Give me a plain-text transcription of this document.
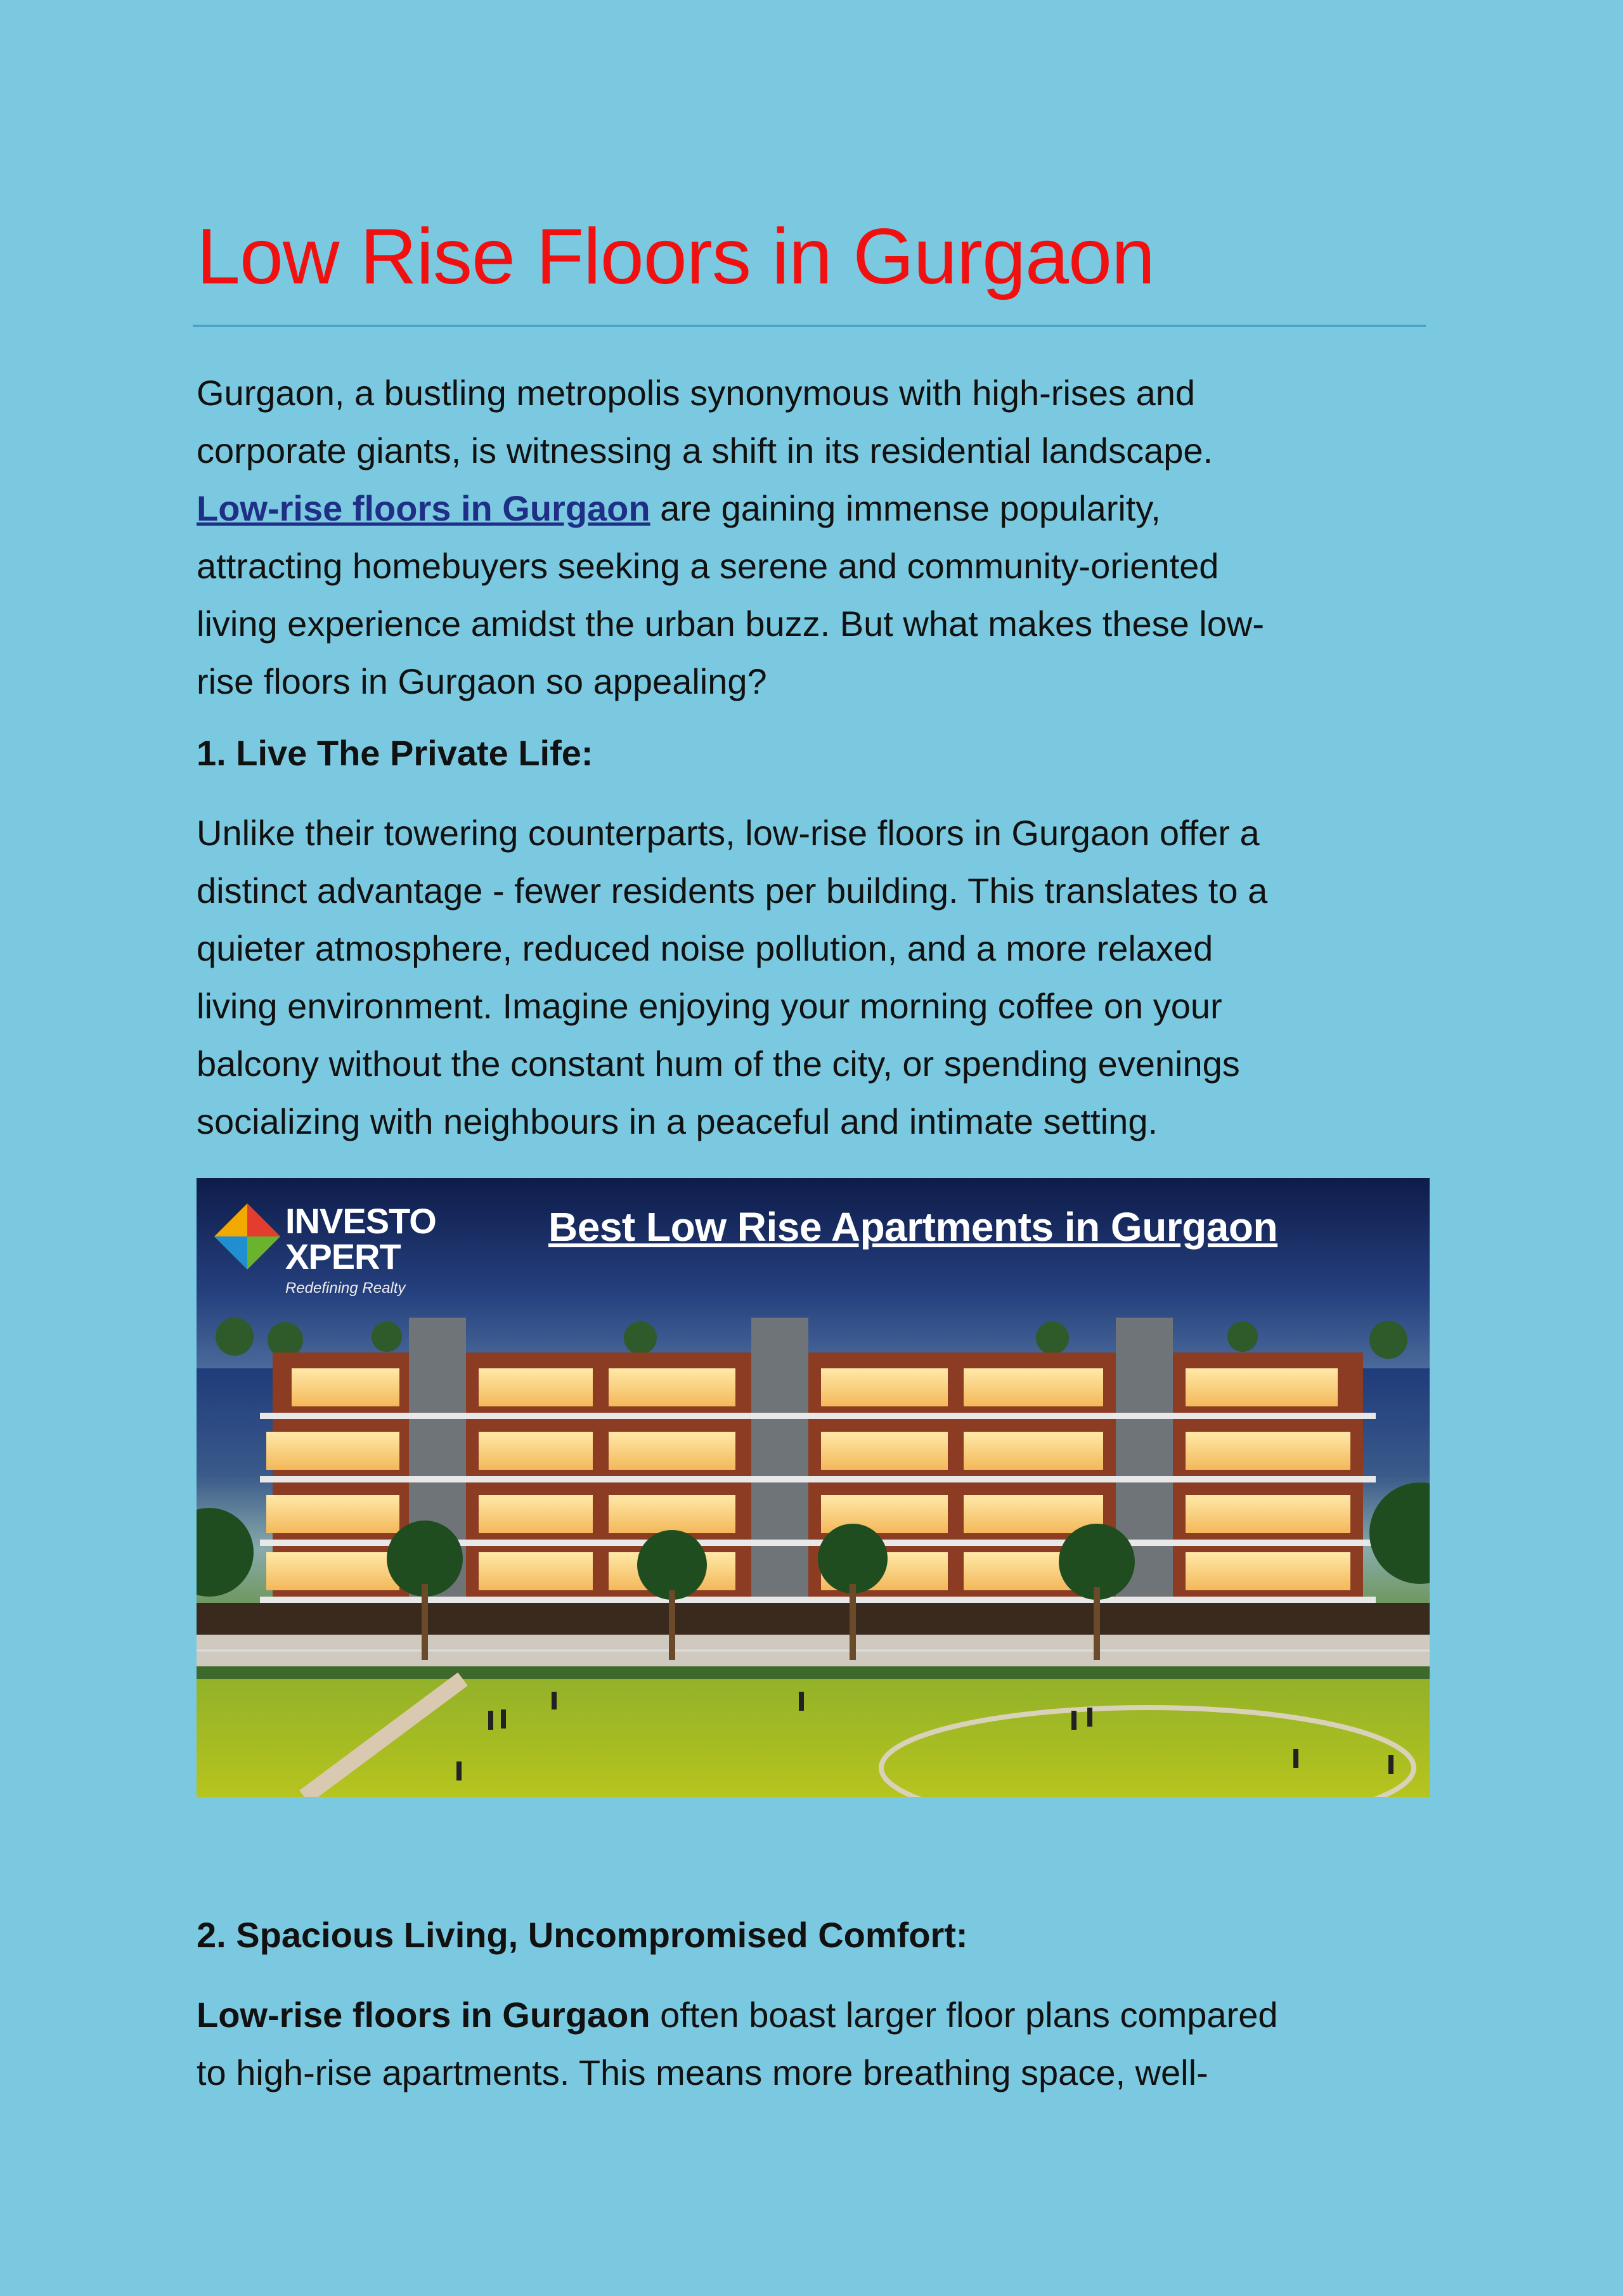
Low Rise Floors in Gurgaon

Gurgaon, a bustling metropolis synonymous with high-rises and
corporate giants, is witnessing a shift in its residential landscape.
Low-rise floors in Gurgaon are gaining immense popularity,
attracting homebuyers seeking a serene and community-oriented
living experience amidst the urban buzz. But what makes these low-
rise floors in Gurgaon so appealing?

1. Live The Private Life:

Unlike their towering counterparts, low-rise floors in Gurgaon offer a
distinct advantage - fewer residents per building. This translates to a
quieter atmosphere, reduced noise pollution, and a more relaxed
living environment. Imagine enjoying your morning coffee on your
balcony without the constant hum of the city, or spending evenings
socializing with neighbours in a peaceful and intimate setting.

INVESTO
XPERT
Redefining Realty
Best Low Rise Apartments in Gurgaon
2. Spacious Living, Uncompromised Comfort:

Low-rise floors in Gurgaon often boast larger floor plans compared
to high-rise apartments. This means more breathing space, well-
